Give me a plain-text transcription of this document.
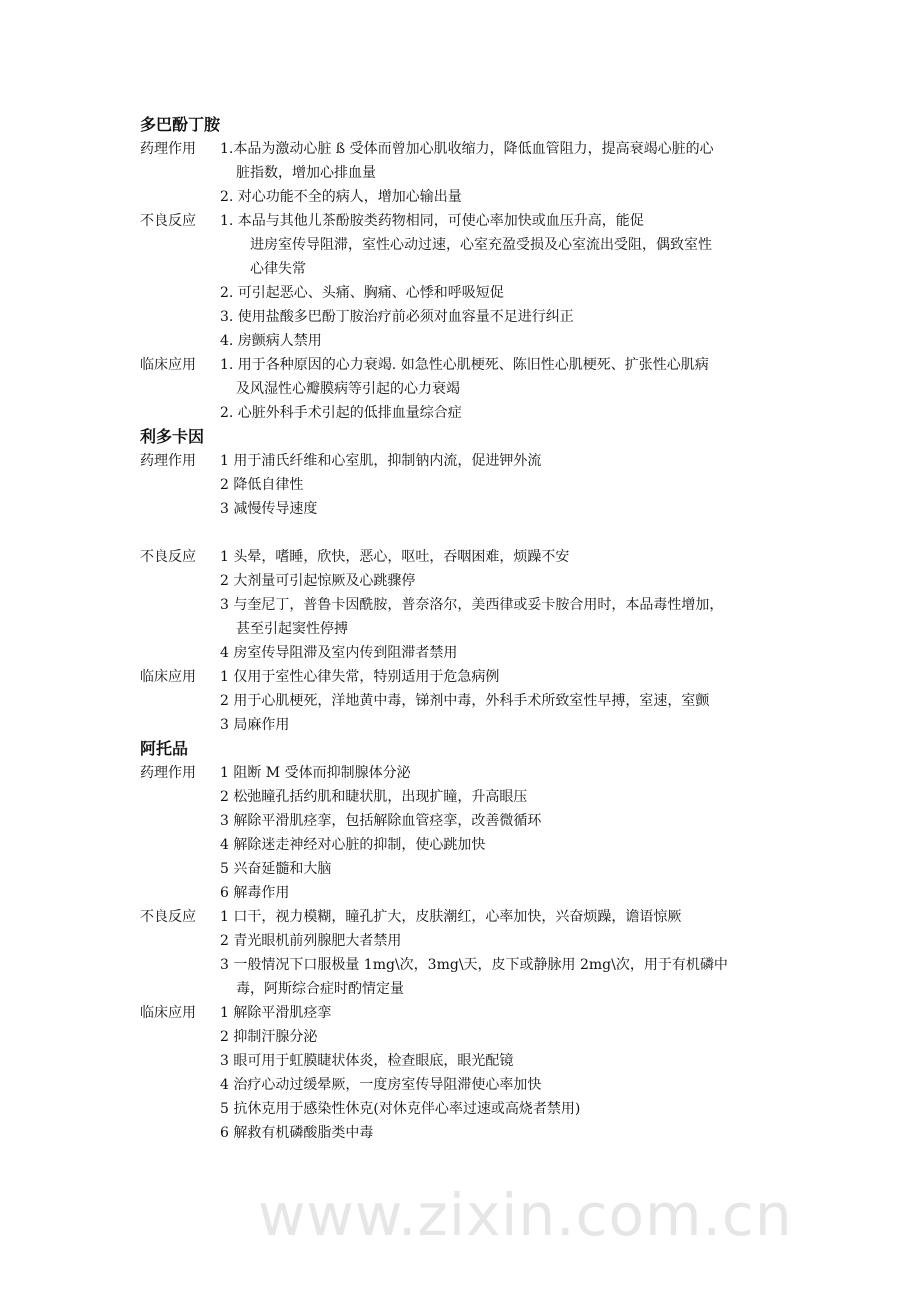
www.zixin.com.cn
多巴酚丁胺
药理作用 1.本品为激动心脏 ß 受体而曾加心肌收缩力，降低血管阻力，提高衰竭心脏的心
脏指数，增加心排血量
2. 对心功能不全的病人，增加心输出量
不良反应 1. 本品与其他儿茶酚胺类药物相同，可使心率加快或血压升高，能促
进房室传导阻滞，室性心动过速，心室充盈受损及心室流出受阻，偶致室性
心律失常
2. 可引起恶心、头痛、胸痛、心悸和呼吸短促
3. 使用盐酸多巴酚丁胺治疗前必须对血容量不足进行纠正
4. 房颤病人禁用
临床应用 1. 用于各种原因的心力衰竭. 如急性心肌梗死、陈旧性心肌梗死、扩张性心肌病
及风湿性心瓣膜病等引起的心力衰竭
2. 心脏外科手术引起的低排血量综合症
利多卡因
药理作用 1 用于浦氏纤维和心室肌，抑制钠内流，促进钾外流
2 降低自律性
3 减慢传导速度
不良反应 1 头晕，嗜睡，欣快，恶心，呕吐，吞咽困难，烦躁不安
2 大剂量可引起惊厥及心跳骤停
3 与奎尼丁，普鲁卡因酰胺，普奈洛尔，美西律或妥卡胺合用时，本品毒性增加，
甚至引起窦性停搏
4 房室传导阻滞及室内传到阻滞者禁用
临床应用 1 仅用于室性心律失常，特别适用于危急病例
2 用于心肌梗死，洋地黄中毒，锑剂中毒，外科手术所致室性早搏，室速，室颤
3 局麻作用
阿托品
药理作用 1 阻断 M 受体而抑制腺体分泌
2 松弛瞳孔括约肌和睫状肌，出现扩瞳，升高眼压
3 解除平滑肌痉挛，包括解除血管痉挛，改善微循环
4 解除迷走神经对心脏的抑制，使心跳加快
5 兴奋延髓和大脑
6 解毒作用
不良反应 1 口干，视力模糊，瞳孔扩大，皮肤潮红，心率加快，兴奋烦躁，谵语惊厥
2 青光眼机前列腺肥大者禁用
3 一般情况下口服极量 1mg\次，3mg\天，皮下或静脉用 2mg\次，用于有机磷中
毒，阿斯综合症时酌情定量
临床应用 1 解除平滑肌痉挛
2 抑制汗腺分泌
3 眼可用于虹膜睫状体炎，检查眼底，眼光配镜
4 治疗心动过缓晕厥，一度房室传导阻滞使心率加快
5 抗休克用于感染性休克(对休克伴心率过速或高烧者禁用)
6 解救有机磷酸脂类中毒
